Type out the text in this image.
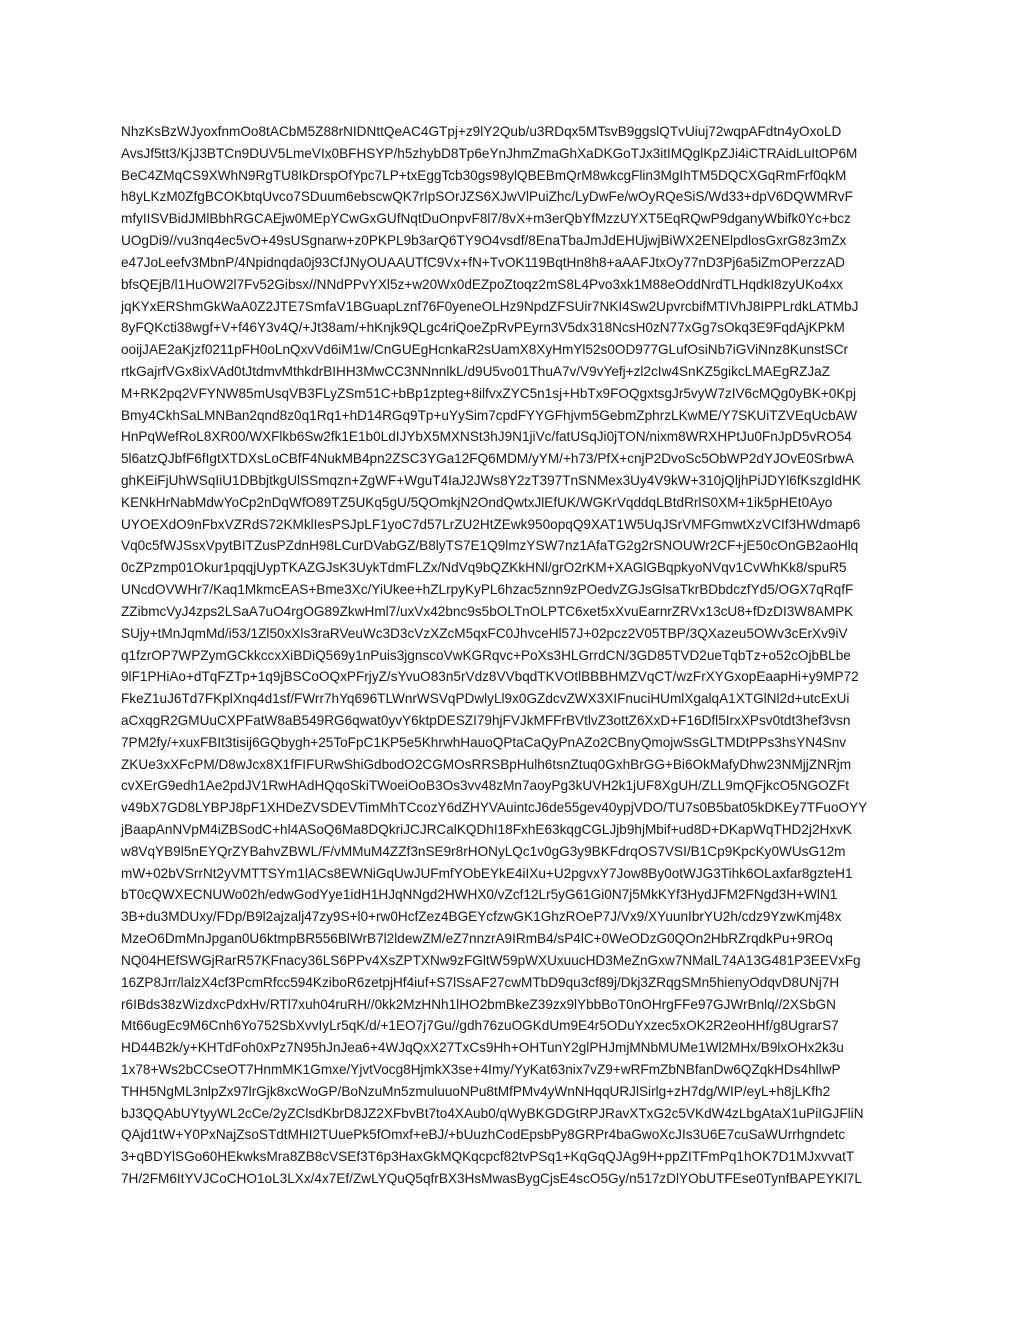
NhzKsBzWJyoxfnmOo8tACbM5Z88rNIDNttQeAC4GTpj+z9lY2Qub/u3RDqx5MTsvB9ggslQTvUiuj72wqpAFdtn4yOxoLD
AvsJf5tt3/KjJ3BTCn9DUV5LmeVIx0BFHSYP/h5zhybD8Tp6eYnJhmZmaGhXaDKGoTJx3itIMQglKpZJi4iCTRAidLuItOP6M
BeC4ZMqCS9XWhN9RgTU8IkDrspOfYpc7LP+txEggTcb30gs98ylQBEBmQrM8wkcgFlin3MgIhTM5DQCXGqRmFrf0qkM
h8yLKzM0ZfgBCOKbtqUvco7SDuum6ebscwQK7rIpSOrJZS6XJwVlPuiZhc/LyDwFe/wOyRQeSiS/Wd33+dpV6DQWMRvF
mfyIISVBidJMlBbhRGCAEjw0MEpYCwGxGUfNqtDuOnpvF8l7/8vX+m3erQbYfMzzUYXT5EqRQwP9dganyWbifk0Yc+bcz
UOgDi9//vu3nq4ec5vO+49sUSgnarw+z0PKPL9b3arQ6TY9O4vsdf/8EnaTbaJmJdEHUjwjBiWX2ENElpdlosGxrG8z3mZx
e47JoLeefv3MbnP/4Npidnqda0j93CfJNyOUAAUTfC9Vx+fN+TvOK119BqtHn8h8+aAAFJtxOy77nD3Pj6a5iZmOPerzzAD
bfsQEjB/l1HuOW2l7Fv52Gibsx//NNdPPvYXl5z+w20Wx0dEZpoZtoqz2mS8L4Pvo3xk1M88eOddNrdTLHqdkI8zyUKo4xx
jqKYxERShmGkWaA0Z2JTE7SmfaV1BGuapLznf76F0yeneOLHz9NpdZFSUir7NKI4Sw2UpvrcbifMTIVhJ8IPPLrdkLATMbJ
8yFQKcti38wgf+V+f46Y3v4Q/+Jt38am/+hKnjk9QLgc4riQoeZpRvPEyrn3V5dx318NcsH0zN77xGg7sOkq3E9FqdAjKPkM
ooijJAE2aKjzf0211pFH0oLnQxvVd6iM1w/CnGUEgHcnkaR2sUamX8XyHmYl52s0OD977GLufOsiNb7iGViNnz8KunstSCr
rtkGajrfVGx8ixVAd0tJtdmvMthkdrBIHH3MwCC3NNnnlkL/d9U5vo01ThuA7v/V9vYefj+zl2cIw4SnKZ5gikcLMAEgRZJaZ
M+RK2pq2VFYNW85mUsqVB3FLyZSm51C+bBp1zpteg+8ilfvxZYC5n1sj+HbTx9FOQgxtsgJr5vyW7zIV6cMQg0yBK+0Kpj
Bmy4CkhSaLMNBan2qnd8z0q1Rq1+hD14RGq9Tp+uYySim7cpdFYYGFhjvm5GebmZphrzLKwME/Y7SKUiTZVEqUcbAW
HnPqWefRoL8XR00/WXFlkb6Sw2fk1E1b0LdIJYbX5MXNSt3hJ9N1jiVc/fatUSqJi0jTON/nixm8WRXHPtJu0FnJpD5vRO54
5l6atzQJbfF6fIgtXTDXsLoCBfF4NukMB4pn2ZSC3YGa12FQ6MDM/yYM/+h73/PfX+cnjP2DvoSc5ObWP2dYJOvE0SrbwA
ghKEiFjUhWSqIiU1DBbjtkgUlSSmqzn+ZgWF+WguT4IaJ2JWs8Y2zT397TnSNMex3Uy4V9kW+310jQljhPiJDYl6fKszgIdHK
KENkHrNabMdwYoCp2nDqWfO89TZ5UKq5gU/5QOmkjN2OndQwtxJlEfUK/WGKrVqddqLBtdRrlS0XM+1ik5pHEt0Ayo
UYOEXdO9nFbxVZRdS72KMklIesPSJpLF1yoC7d57LrZU2HtZEwk950opqQ9XAT1W5UqJSrVMFGmwtXzVCIf3HWdmap6
Vq0c5fWJSsxVpytBITZusPZdnH98LCurDVabGZ/B8lyTS7E1Q9lmzYSW7nz1AfaTG2g2rSNOUWr2CF+jE50cOnGB2aoHlq
0cZPzmp01Okur1pqqjUypTKAZGJsK3UykTdmFLZx/NdVq9bQZKkHNl/grO2rKM+XAGlGBqpkyoNVqv1CvWhKk8/spuR5
UNcdOVWHr7/Kaq1MkmcEAS+Bme3Xc/YiUkee+hZLrpyKyPL6hzac5znn9zPOedvZGJsGlsaTkrBDbdczfYd5/OGX7qRqfF
ZZibmcVyJ4zps2LSaA7uO4rgOG89ZkwHml7/uxVx42bnc9s5bOLTnOLPTC6xet5xXvuEarnrZRVx13cU8+fDzDI3W8AMPK
SUjy+tMnJqmMd/i53/1Zl50xXls3raRVeuWc3D3cVzXZcM5qxFC0JhvceHl57J+02pcz2V05TBP/3QXazeu5OWv3cErXv9iV
q1fzrOP7WPZymGCkkccxXiBDiQ569y1nPuis3jgnscoVwKGRqvc+PoXs3HLGrrdCN/3GD85TVD2ueTqbTz+o52cOjbBLbe
9lF1PHiAo+dTqFZTp+1q9jBSCoOQxPFrjyZ/sYvuO83n5rVdz8VVbqdTKVOtlBBBHMZVqCT/wzFrXYGxopEaapHi+y9MP72
FkeZ1uJ6Td7FKplXnq4d1sf/FWrr7hYq696TLWnrWSVqPDwlyLl9x0GZdcvZWX3XIFnuciHUmlXgalqA1XTGlNl2d+utcExUi
aCxqgR2GMUuCXPFatW8aB549RG6qwat0yvY6ktpDESZI79hjFVJkMFFrBVtlvZ3ottZ6XxD+F16Dfl5IrxXPsv0tdt3hef3vsn
7PM2fy/+xuxFBIt3tisij6GQbygh+25ToFpC1KP5e5KhrwhHauoQPtaCaQyPnAZo2CBnyQmojwSsGLTMDtPPs3hsYN4Snv
ZKUe3xXFcPM/D8wJcx8X1fFIFURwShiGdbodO2CGMOsRRSBpHulh6tsnZtuq0GxhBrGG+Bi6OkMafyDhw23NMjjZNRjm
cvXErG9edh1Ae2pdJV1RwHAdHQqoSkiTWoeiOoB3Os3vv48zMn7aoyPg3kUVH2k1jUF8XgUH/ZLL9mQFjkcO5NGOZFt
v49bX7GD8LYBPJ8pF1XHDeZVSDEVTimMhTCcozY6dZHYVAuintcJ6de55gev40ypjVDO/TU7s0B5bat05kDKEy7TFuoOYY
jBaapAnNVpM4iZBSodC+hl4ASoQ6Ma8DQkriJCJRCalKQDhI18FxhE63kqgCGLJjb9hjMbif+ud8D+DKapWqTHD2j2HxvK
w8VqYB9l5nEYQrZYBahvZBWL/F/vMMuM4ZZf3nSE9r8rHONyLQc1v0gG3y9BKFdrqOS7VSI/B1Cp9KpcKy0WUsG12m
mW+02bVSrrNt2yVMTTSYm1lACs8EWNiGqUwJUFmfYObEYkE4iIXu+U2pgvxY7Jow8By0otWJG3Tihk6OLaxfar8gzteH1
bT0cQWXECNUWo02h/edwGodYye1idH1HJqNNgd2HWHX0/vZcf12Lr5yG61Gi0N7j5MkKYf3HydJFM2FNgd3H+WlN1
3B+du3MDUxy/FDp/B9l2ajzalj47zy9S+l0+rw0HcfZez4BGEYcfzwGK1GhzROeP7J/Vx9/XYuunIbrYU2h/cdz9YzwKmj48x
MzeO6DmMnJpgan0U6ktmpBR556BlWrB7l2ldewZM/eZ7nnzrA9IRmB4/sP4lC+0WeODzG0QOn2HbRZrqdkPu+9ROq
NQ04HEfSWGjRarR57KFnacy36LS6PPv4XsZPTXNw9zFGltW59pWXUxuucHD3MeZnGxw7NMalL74A13G481P3EEVxFg
16ZP8Jrr/lalzX4cf3PcmRfcc594KziboR6zetpjHf4iuf+S7lSsAF27cwMTbD9qu3cf89j/Dkj3ZRqgSMn5hienyOdqvD8UNj7H
r6IBds38zWizdxcPdxHv/RTl7xuh04ruRH//0kk2MzHNh1lHO2bmBkeZ39zx9lYbbBoT0nOHrgFFe97GJWrBnlq//2XSbGN
Mt66ugEc9M6Cnh6Yo752SbXvvIyLr5qK/d/+1EO7j7Gu//gdh76zuOGKdUm9E4r5ODuYxzec5xOK2R2eoHHf/g8UgrarS7
HD44B2k/y+KHTdFoh0xPz7N95hJnJea6+4WJqQxX27TxCs9Hh+OHTunY2glPHJmjMNbMUMe1Wl2MHx/B9lxOHx2k3u
1x78+Ws2bCCseOT7HnmMK1Gmxe/YjvtVocg8HjmkX3se+4Imy/YyKat63nix7vZ9+wRFmZbNBfanDw6QZqkHDs4hllwP
THH5NgML3nlpZx97lrGjk8xcWoGP/BoNzuMn5zmuluuoNPu8tMfPMv4yWnNHqqURJlSirlg+zH7dg/WIP/eyL+h8jLKfh2
bJ3QQAbUYtyyWL2cCe/2yZClsdKbrD8JZ2XFbvBt7to4XAub0/qWyBKGDGtRPJRavXTxG2c5VKdW4zLbgAtaX1uPiIGJFliN
QAjd1tW+Y0PxNajZsoSTdtMHI2TUuePk5fOmxf+eBJ/+bUuzhCodEpsbPy8GRPr4baGwoXcJIs3U6E7cuSaWUrrhgndetc
3+qBDYlSGo60HEkwksMra8ZB8cVSEf3T6p3HaxGkMQKqcpcf82tvPSq1+KqGqQJAg9H+ppZITFmPq1hOK7D1MJxvvatT
7H/2FM6ItYVJCoCHO1oL3LXx/4x7Ef/ZwLYQuQ5qfrBX3HsMwasBygCjsE4scO5Gy/n517zDlYObUTFEse0TynfBAPEYKl7L
